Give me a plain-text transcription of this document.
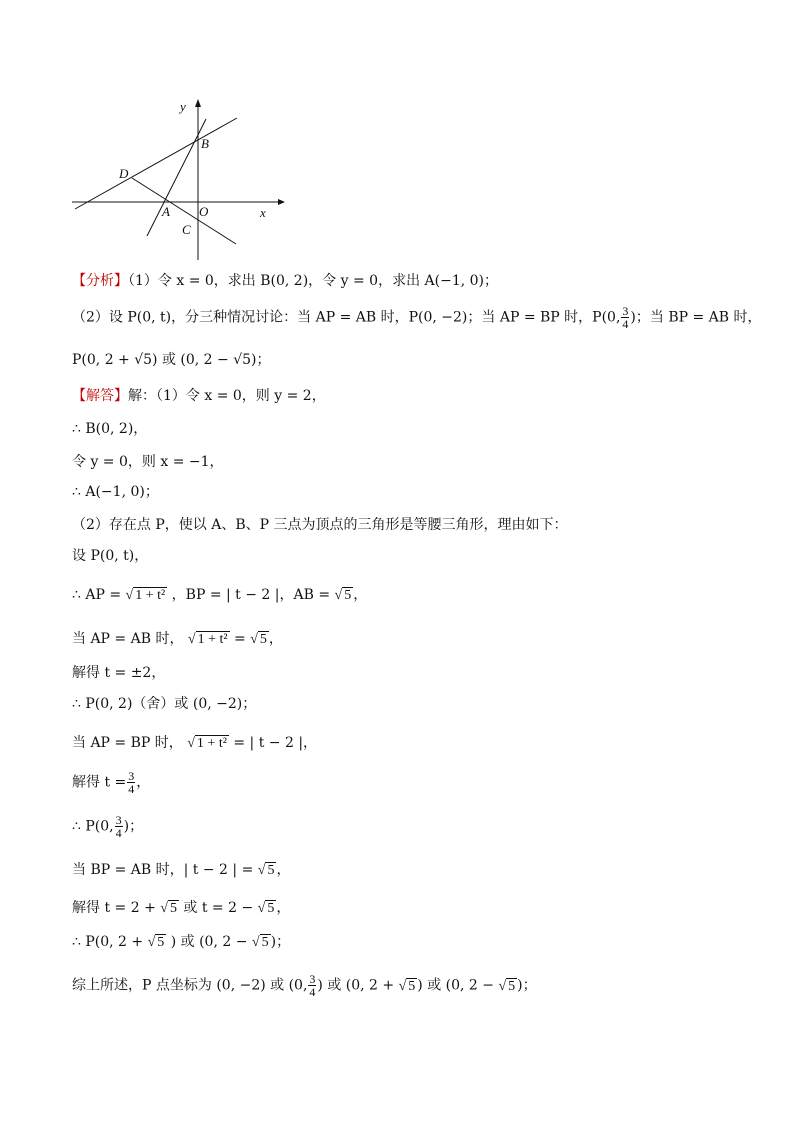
y
x
B
D
A O
C
【分析】（1）令 x = 0，求出 B(0, 2)，令 y = 0，求出 A(−1, 0)；
（2）设 P(0, t)，分三种情况讨论：当 AP = AB 时，P(0, −2)；当 AP = BP 时，P(0, $\frac{3}{4}$ )；当 BP = AB 时，
P(0, 2 + √5) 或 (0, 2 − √5)；
【解答】解：（1）令 x = 0，则 y = 2，
∴ B(0, 2)，
令 y = 0，则 x = −1，
∴ A(−1, 0)；
（2）存在点 P，使以 A、B、P 三点为顶点的三角形是等腰三角形，理由如下：
设 P(0, t)，
∴ AP = √ 1 + t² ，BP = | t − 2 |，AB = √ 5 ，
当 AP = AB 时， √ 1 + t² = √ 5 ，
解得 t = ±2，
∴ P(0, 2)（舍）或 (0, −2)；
当 AP = BP 时， √ 1 + t² = | t − 2 |，
解得 $t = \frac{3}{4}$ ，
∴ P(0, $\frac{3}{4}$ )；
当 BP = AB 时，| t − 2 | = √ 5 ，
解得 t = 2 + √ 5 或 t = 2 − √ 5 ，
∴ P(0, 2 + √ 5 ) 或 (0, 2 − √ 5 )；
综上所述，P 点坐标为 (0, −2) 或 (0, $\frac{3}{4}$ ) 或 (0, 2 + √ 5 ) 或 (0, 2 − √ 5 )；
